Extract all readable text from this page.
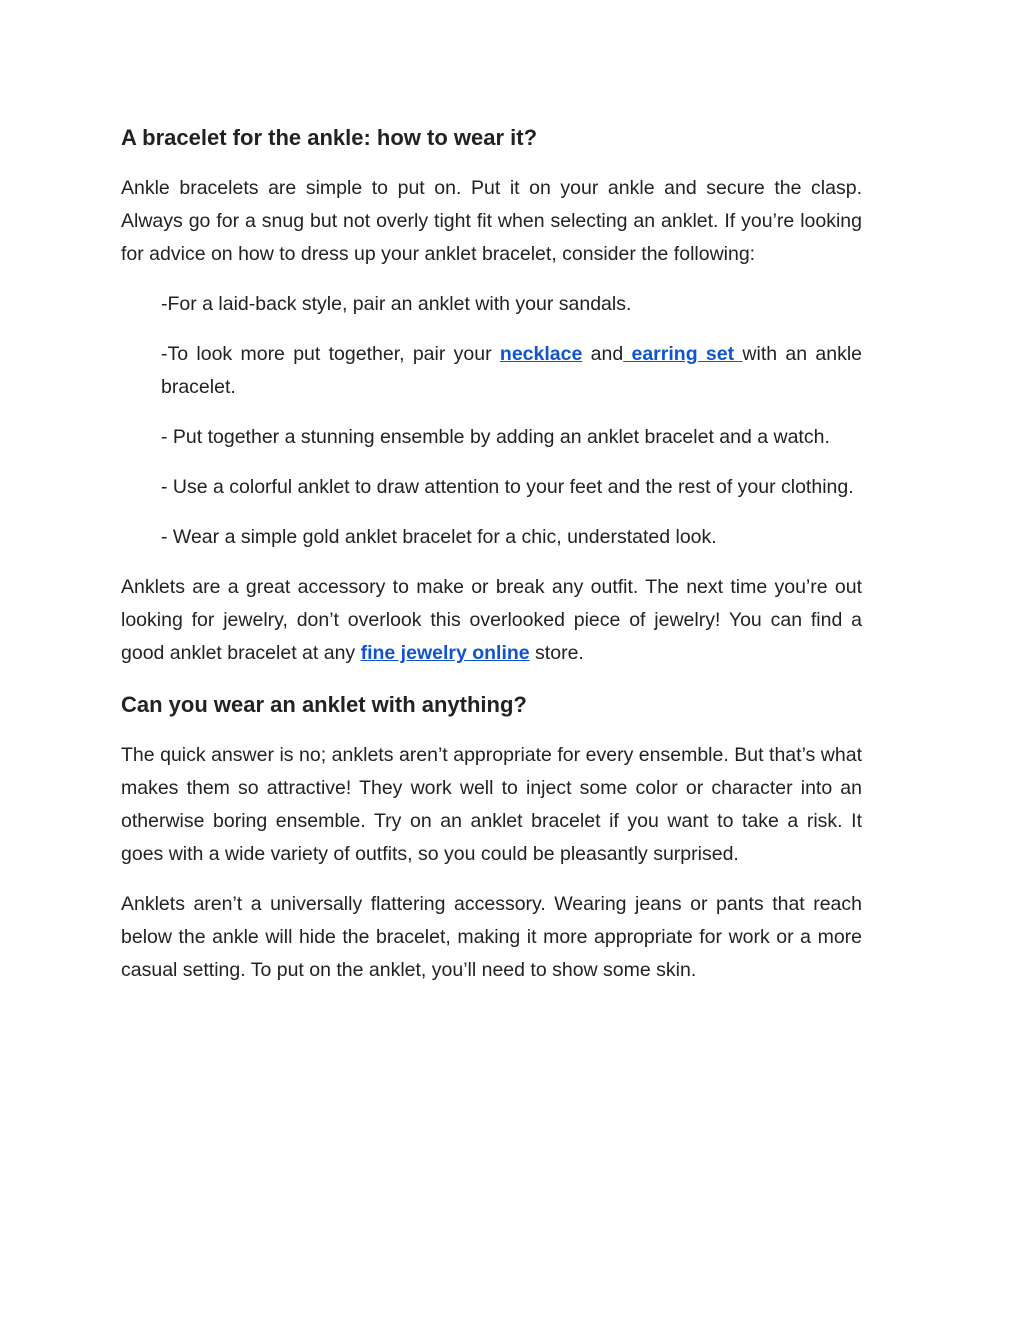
A bracelet for the ankle: how to wear it?

Ankle bracelets are simple to put on. Put it on your ankle and secure the clasp. Always go for a snug but not overly tight fit when selecting an anklet. If you’re looking for advice on how to dress up your anklet bracelet, consider the following:

-For a laid-back style, pair an anklet with your sandals.

-To look more put together, pair your necklace and earring set with an ankle bracelet.

- Put together a stunning ensemble by adding an anklet bracelet and a watch.

- Use a colorful anklet to draw attention to your feet and the rest of your clothing.

- Wear a simple gold anklet bracelet for a chic, understated look.

Anklets are a great accessory to make or break any outfit. The next time you’re out looking for jewelry, don’t overlook this overlooked piece of jewelry! You can find a good anklet bracelet at any fine jewelry online store.

Can you wear an anklet with anything?

The quick answer is no; anklets aren’t appropriate for every ensemble. But that’s what makes them so attractive! They work well to inject some color or character into an otherwise boring ensemble. Try on an anklet bracelet if you want to take a risk. It goes with a wide variety of outfits, so you could be pleasantly surprised.

Anklets aren’t a universally flattering accessory. Wearing jeans or pants that reach below the ankle will hide the bracelet, making it more appropriate for work or a more casual setting. To put on the anklet, you’ll need to show some skin.
